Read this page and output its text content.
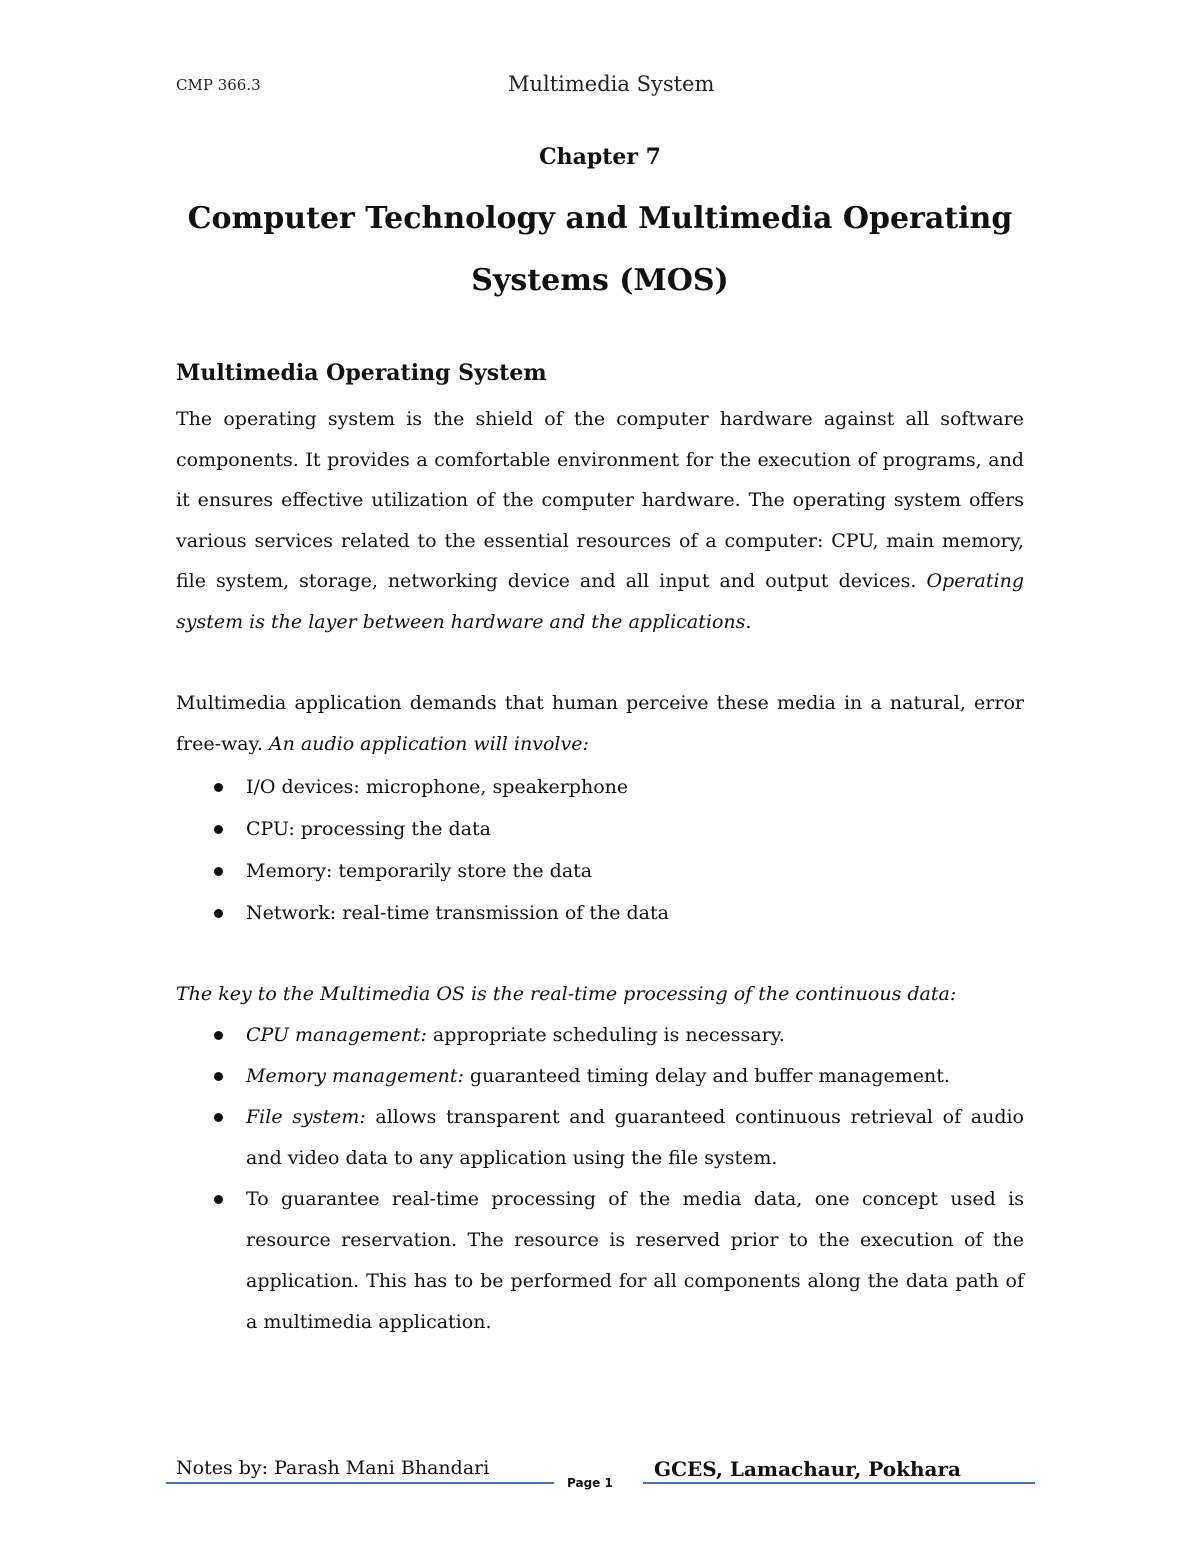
CMP 366.3	Multimedia System
Chapter 7
Computer Technology and Multimedia Operating Systems (MOS)
Multimedia Operating System
The operating system is the shield of the computer hardware against all software components. It provides a comfortable environment for the execution of programs, and it ensures effective utilization of the computer hardware. The operating system offers various services related to the essential resources of a computer: CPU, main memory, file system, storage, networking device and all input and output devices. Operating system is the layer between hardware and the applications.
Multimedia application demands that human perceive these media in a natural, error free-way. An audio application will involve:
I/O devices: microphone, speakerphone
CPU: processing the data
Memory: temporarily store the data
Network: real-time transmission of the data
The key to the Multimedia OS is the real-time processing of the continuous data:
CPU management: appropriate scheduling is necessary.
Memory management: guaranteed timing delay and buffer management.
File system: allows transparent and guaranteed continuous retrieval of audio and video data to any application using the file system.
To guarantee real-time processing of the media data, one concept used is resource reservation. The resource is reserved prior to the execution of the application. This has to be performed for all components along the data path of a multimedia application.
Notes by: Parash Mani Bhandari
Page 1
GCES, Lamachaur, Pokhara
